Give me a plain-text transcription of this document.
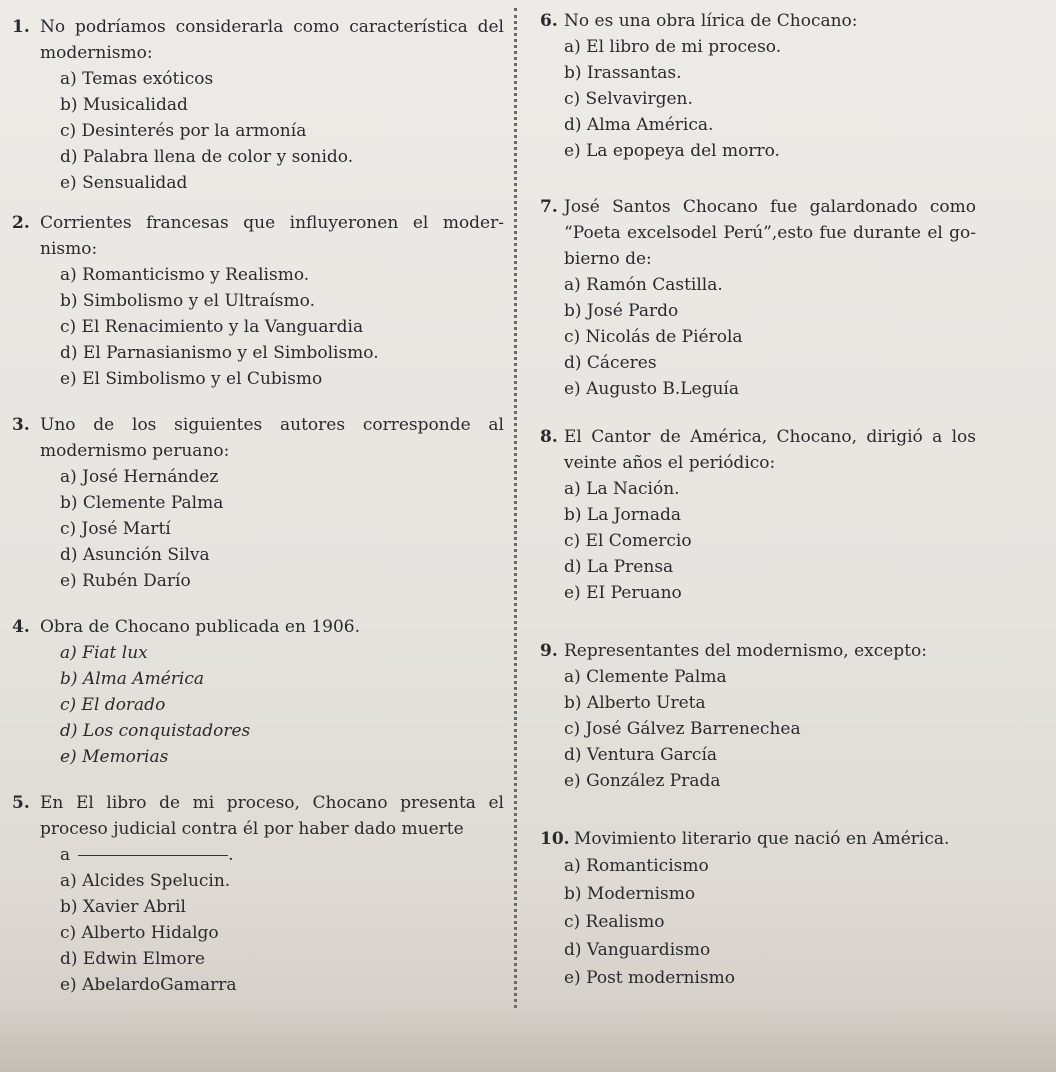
1. No podríamos considerarla como característica del modernismo:
a) Temas exóticos
b) Musicalidad
c) Desinterés por la armonía
d) Palabra llena de color y sonido.
e) Sensualidad
2. Corrientes francesas que influyeronen el moder-nismo:
a) Romanticismo y Realismo.
b) Simbolismo y el Ultraísmo.
c) El Renacimiento y la Vanguardia
d) El Parnasianismo y el Simbolismo.
e) El Simbolismo y el Cubismo
3. Uno de los siguientes autores corresponde al modernismo peruano:
a) José Hernández
b) Clemente Palma
c) José Martí
d) Asunción Silva
e) Rubén Darío
4. Obra de Chocano publicada en 1906.
a) Fiat lux
b) Alma América
c) El dorado
d) Los conquistadores
e) Memorias
5. En El libro de mi proceso, Chocano presenta el proceso judicial contra él por haber dado muerte
a	.
a) Alcides Spelucin.
b) Xavier Abril
c) Alberto Hidalgo
d) Edwin Elmore
e) AbelardoGamarra
6. No es una obra lírica de Chocano:
a) El libro de mi proceso.
b) Irassantas.
c) Selvavirgen.
d) Alma América.
e) La epopeya del morro.
7. José Santos Chocano fue galardonado como “Poeta excelsodel Perú”,esto fue durante el go-bierno de:
a) Ramón Castilla.
b) José Pardo
c) Nicolás de Piérola
d) Cáceres
e) Augusto B.Leguía
8. El Cantor de América, Chocano, dirigió a los veinte años el periódico:
a) La Nación.
b) La Jornada
c) El Comercio
d) La Prensa
e) EI Peruano
9. Representantes del modernismo, excepto:
a) Clemente Palma
b) Alberto Ureta
c) José Gálvez Barrenechea
d) Ventura García
e) González Prada
10. Movimiento literario que nació en América.
a) Romanticismo
b) Modernismo
c) Realismo
d) Vanguardismo
e) Post modernismo
